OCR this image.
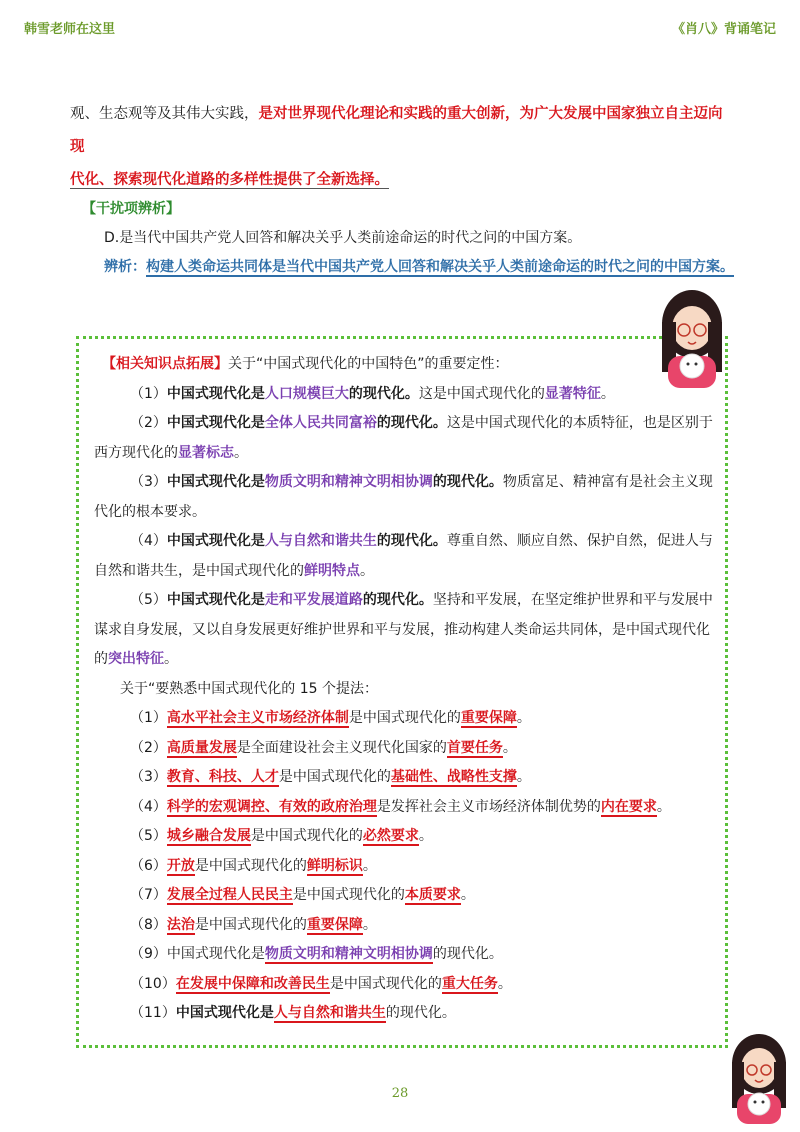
韩雪老师在这里	《肖八》背诵笔记
观、生态观等及其伟大实践，是对世界现代化理论和实践的重大创新，为广大发展中国家独立自主迈向现
代化、探索现代化道路的多样性提供了全新选择。
【干扰项辨析】
D.是当代中国共产党人回答和解决关乎人类前途命运的时代之问的中国方案。
辨析：构建人类命运共同体是当代中国共产党人回答和解决关乎人类前途命运的时代之问的中国方案。

【相关知识点拓展】关于“中国式现代化的中国特色”的重要定性：

（1）中国式现代化是人口规模巨大的现代化。这是中国式现代化的显著特征。

（2）中国式现代化是全体人民共同富裕的现代化。这是中国式现代化的本质特征，也是区别于西方现代化的显著标志。

（3）中国式现代化是物质文明和精神文明相协调的现代化。物质富足、精神富有是社会主义现代化的根本要求。

（4）中国式现代化是人与自然和谐共生的现代化。尊重自然、顺应自然、保护自然，促进人与自然和谐共生，是中国式现代化的鲜明特点。

（5）中国式现代化是走和平发展道路的现代化。坚持和平发展，在坚定维护世界和平与发展中谋求自身发展，又以自身发展更好维护世界和平与发展，推动构建人类命运共同体，是中国式现代化的突出特征。

关于“要熟悉中国式现代化的 15 个提法：

（1）高水平社会主义市场经济体制是中国式现代化的重要保障。

（2）高质量发展是全面建设社会主义现代化国家的首要任务。

（3）教育、科技、人才是中国式现代化的基础性、战略性支撑。

（4）科学的宏观调控、有效的政府治理是发挥社会主义市场经济体制优势的内在要求。

（5）城乡融合发展是中国式现代化的必然要求。

（6）开放是中国式现代化的鲜明标识。

（7）发展全过程人民民主是中国式现代化的本质要求。

（8）法治是中国式现代化的重要保障。

（9）中国式现代化是物质文明和精神文明相协调的现代化。

（10）在发展中保障和改善民生是中国式现代化的重大任务。

（11）中国式现代化是人与自然和谐共生的现代化。

28
